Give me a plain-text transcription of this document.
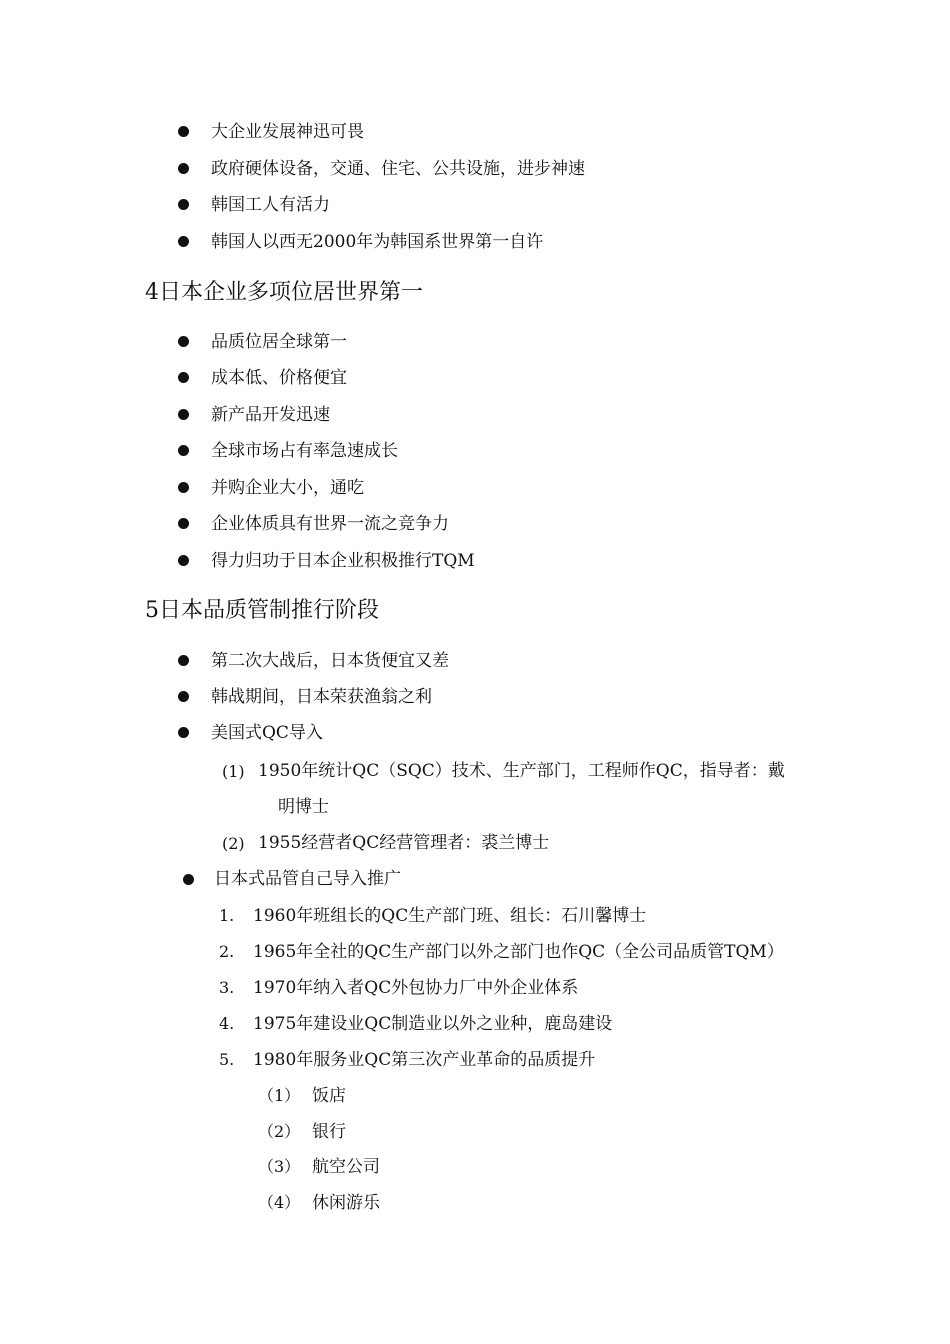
大企业发展神迅可畏
政府硬体设备，交通、住宅、公共设施，进步神速
韩国工人有活力
韩国人以西无2000年为韩国系世界第一自许
4日本企业多项位居世界第一
品质位居全球第一
成本低、价格便宜
新产品开发迅速
全球市场占有率急速成长
并购企业大小，通吃
企业体质具有世界一流之竞争力
得力归功于日本企业积极推行TQM
5日本品质管制推行阶段
第二次大战后，日本货便宜又差
韩战期间，日本荣获渔翁之利
美国式QC导入
(1) 1950年统计QC（SQC）技术、生产部门，工程师作QC，指导者：戴
明博士
(2) 1955经营者QC经营管理者：裘兰博士
日本式品管自己导入推广
1. 1960年班组长的QC生产部门班、组长：石川馨博士
2. 1965年全社的QC生产部门以外之部门也作QC（全公司品质管TQM）
3. 1970年纳入者QC外包协力厂中外企业体系
4. 1975年建设业QC制造业以外之业种，鹿岛建设
5. 1980年服务业QC第三次产业革命的品质提升
（1） 饭店
（2） 银行
（3） 航空公司
（4） 休闲游乐
